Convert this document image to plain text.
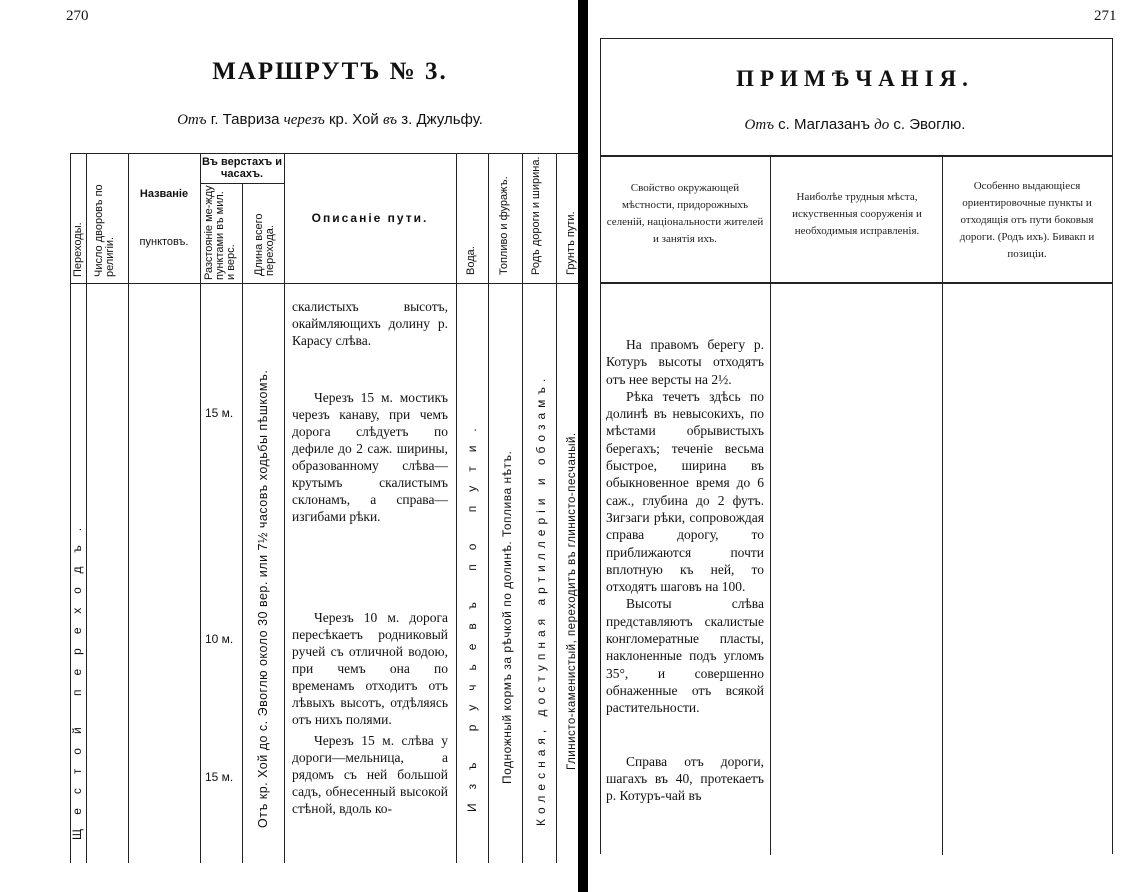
270
МАРШРУТЪ № 3.
Отъ г. Тавриза черезъ кр. Хой въ з. Джульфу.
Переходы. Число дворовъ по религіи.
Названіе
пунктовъ.
Въ верстахъ и часахъ.
Разстояніе ме-жду пунктами въ мил. и верс. Длина всего перехода.
Описаніе пути.
Вода. Топливо и фуражъ. Родъ дороги и ширина. Грунтъ пути.
Щестой переходъ.
15 м.
10 м.
15 м. Отъ кр. Хой до с. Эвоглю около 30 вер. или 7½ часовъ ходьбы пѣшкомъ.	Изъ ручьевъ по пути. Подножный кормъ за рѣчкой по долинѣ. Топлива нѣтъ. Колесная, доступная артиллеріи и обозамъ. Глинисто-каменистый, переходитъ въ глинисто-песчаный.

скалистыхъ высотъ, окаймляющихъ долину р. Карасу слѣва.

Черезъ 15 м. мостикъ черезъ канаву, при чемъ дорога слѣдуетъ по дефиле до 2 саж. ширины, образованному слѣва—крутымъ скалистымъ склонамъ, а справа—изгибами рѣки.

Черезъ 10 м. дорога пересѣкаетъ родниковый ручей съ отличной водою, при чемъ она по временамъ отходитъ отъ лѣвыхъ высотъ, отдѣляясь отъ нихъ полями.

Черезъ 15 м. слѣва у дороги—мельница, а рядомъ съ ней большой садъ, обнесенный высокой стѣной, вдоль ко-

271
ПРИМѢЧАНІЯ.
Отъ с. Маглазанъ до с. Эвоглю.
Свойство окружающей мѣстности, придорожныхъ селеній, національности жителей и занятія ихъ.
Наиболѣе трудныя мѣста, искуственныя сооруженія и необходимыя исправленія.
Особенно выдающіеся ориентировочные пункты и отходящія отъ пути боковыя дороги. (Родъ ихъ). Бивакп и позиціи.

На правомъ берегу р. Котуръ высоты отходятъ отъ нее версты на 2½.

Рѣка течетъ здѣсь по долинѣ въ невысокихъ, по мѣстами обрывистыхъ берегахъ; теченіе весьма быстрое, ширина въ обыкновенное время до 6 саж., глубина до 2 футъ. Зигзаги рѣки, сопровождая справа дорогу, то приближаются почти вплотную къ ней, то отходятъ шаговъ на 100.

Высоты слѣва представляютъ скалистые конгломератные пласты, наклоненные подъ угломъ 35°, и совершенно обнаженные отъ всякой растительности.

Справа отъ дороги, шагахъ въ 40, протекаетъ р. Котуръ-чай въ
